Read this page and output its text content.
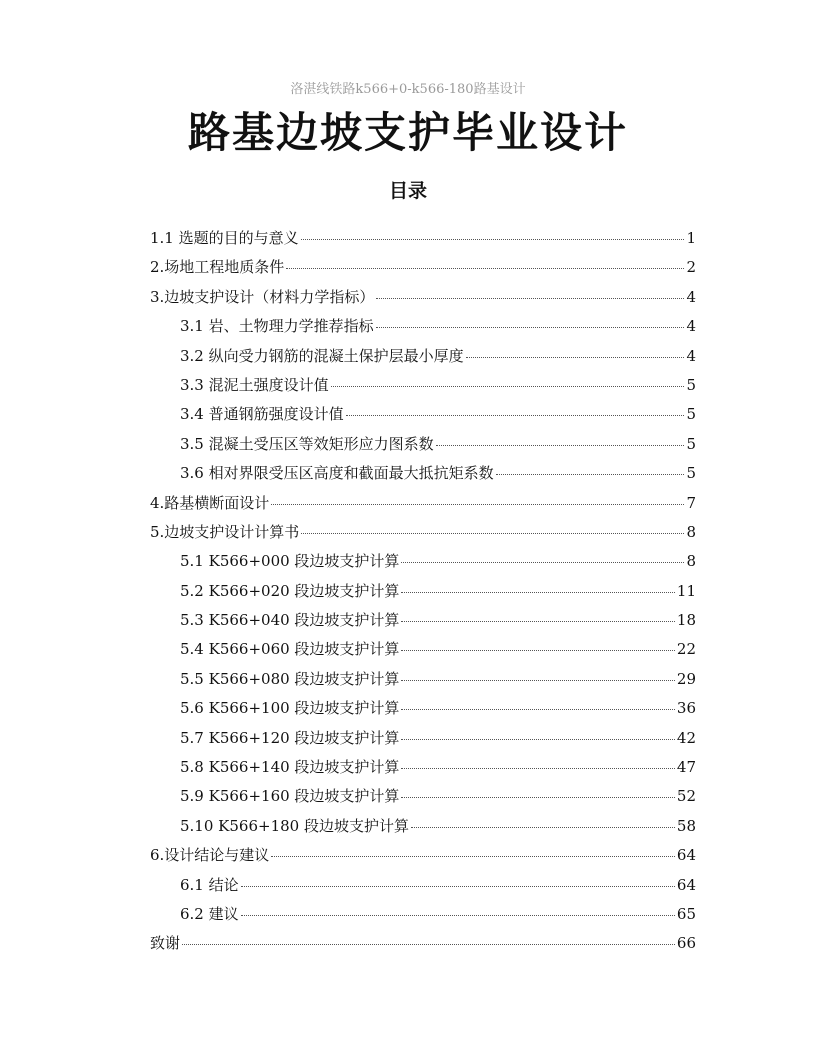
洛湛线铁路k566+0-k566-180路基设计
路基边坡支护毕业设计
目录
1.1 选题的目的与意义	1
2.场地工程地质条件	2
3.边坡支护设计（材料力学指标）	4
3.1 岩、土物理力学推荐指标	4
3.2 纵向受力钢筋的混凝土保护层最小厚度	4
3.3 混泥土强度设计值	5
3.4 普通钢筋强度设计值	5
3.5 混凝土受压区等效矩形应力图系数	5
3.6 相对界限受压区高度和截面最大抵抗矩系数	5
4.路基横断面设计	7
5.边坡支护设计计算书	8
5.1 K566+000 段边坡支护计算	8
5.2 K566+020 段边坡支护计算	11
5.3 K566+040 段边坡支护计算	18
5.4 K566+060 段边坡支护计算	22
5.5 K566+080 段边坡支护计算	29
5.6 K566+100 段边坡支护计算	36
5.7 K566+120 段边坡支护计算	42
5.8 K566+140 段边坡支护计算	47
5.9 K566+160 段边坡支护计算	52
5.10 K566+180 段边坡支护计算	58
6.设计结论与建议	64
6.1 结论	64
6.2 建议	65
致谢	66
